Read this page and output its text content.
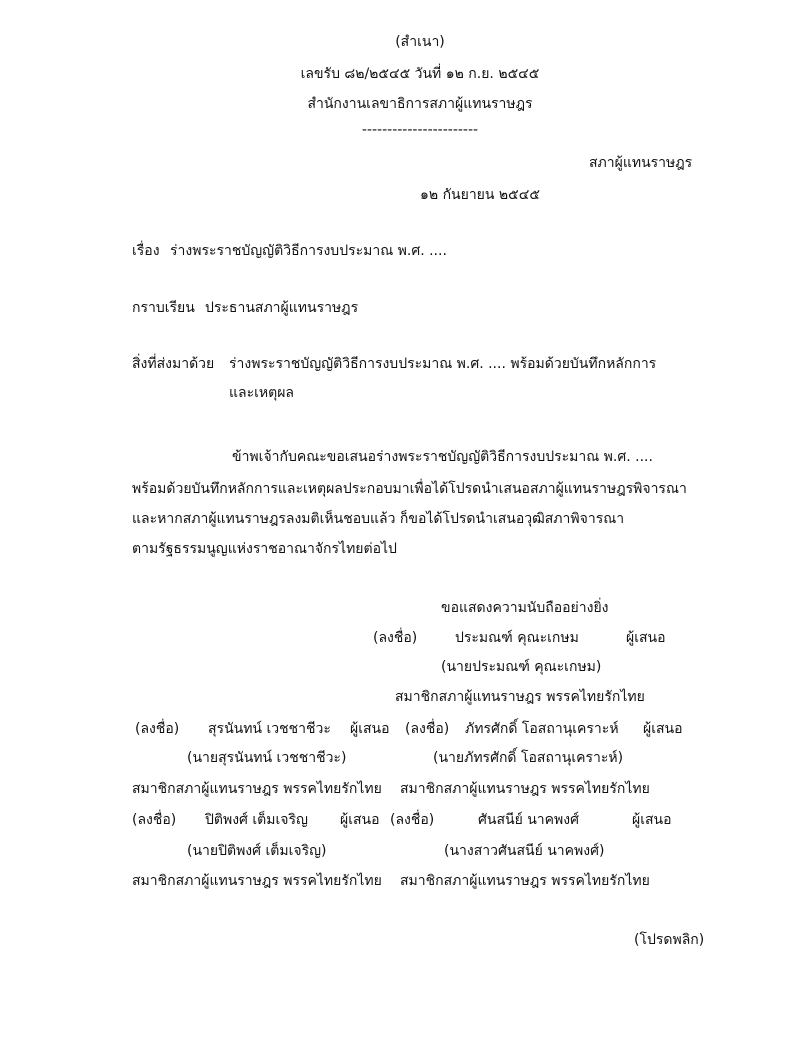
(สำเนา)
เลขรับ ๘๒/๒๕๔๕ วันที่ ๑๒ ก.ย. ๒๕๔๕
สำนักงานเลขาธิการสภาผู้แทนราษฎร
-----------------------
สภาผู้แทนราษฎร
๑๒ กันยายน ๒๕๔๕
เรื่อง ร่างพระราชบัญญัติวิธีการงบประมาณ พ.ศ. ....
กราบเรียน ประธานสภาผู้แทนราษฎร
สิ่งที่ส่งมาด้วย ร่างพระราชบัญญัติวิธีการงบประมาณ พ.ศ. .... พร้อมด้วยบันทึกหลักการ
และเหตุผล
ข้าพเจ้ากับคณะขอเสนอร่างพระราชบัญญัติวิธีการงบประมาณ พ.ศ. ....
พร้อมด้วยบันทึกหลักการและเหตุผลประกอบมาเพื่อได้โปรดนำเสนอสภาผู้แทนราษฎรพิจารณา
และหากสภาผู้แทนราษฎรลงมติเห็นชอบแล้ว ก็ขอได้โปรดนำเสนอวุฒิสภาพิจารณา
ตามรัฐธรรมนูญแห่งราชอาณาจักรไทยต่อไป
ขอแสดงความนับถืออย่างยิ่ง
(ลงชื่อ)	ประมณฑ์ คุณะเกษม	ผู้เสนอ
(นายประมณฑ์ คุณะเกษม)
สมาชิกสภาผู้แทนราษฎร พรรคไทยรักไทย
(ลงชื่อ) สุรนันทน์ เวชชาชีวะ ผู้เสนอ (ลงชื่อ) ภัทรศักดิ์ โอสถานุเคราะห์ ผู้เสนอ
(นายสุรนันทน์ เวชชาชีวะ)	(นายภัทรศักดิ์ โอสถานุเคราะห์)
สมาชิกสภาผู้แทนราษฎร พรรคไทยรักไทย สมาชิกสภาผู้แทนราษฎร พรรคไทยรักไทย
(ลงชื่อ) ปิติพงศ์ เต็มเจริญ ผู้เสนอ (ลงชื่อ)	ศันสนีย์ นาคพงศ์	ผู้เสนอ
(นายปิติพงศ์ เต็มเจริญ)	(นางสาวศันสนีย์ นาคพงศ์)
สมาชิกสภาผู้แทนราษฎร พรรคไทยรักไทย สมาชิกสภาผู้แทนราษฎร พรรคไทยรักไทย
(โปรดพลิก)
